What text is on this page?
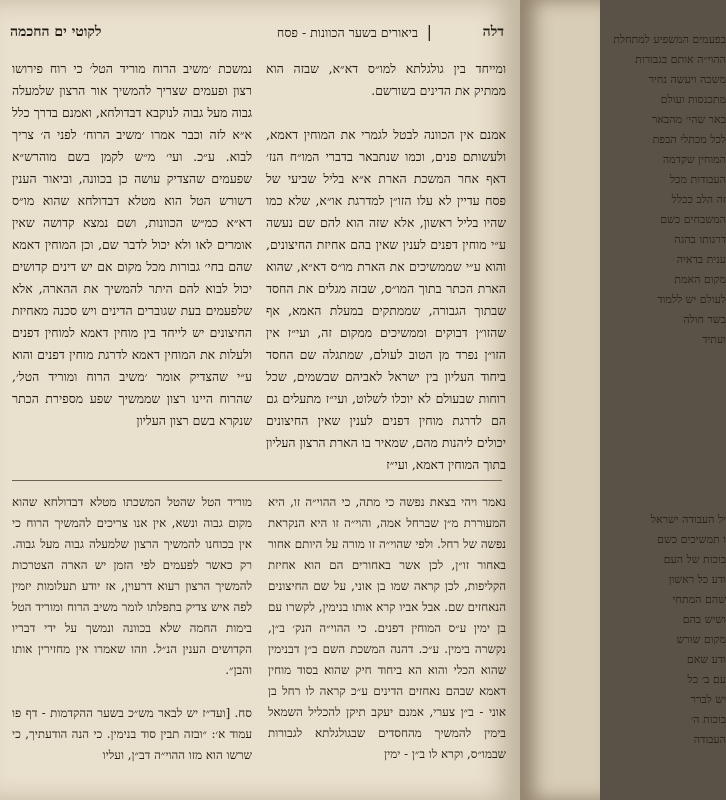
דלה
ביאורים בשער הכוונות - פסח |
לקוטי ים החכמה

ומייחד בין גולגלתא למו״ס דא״א, שבזה הוא ממתיק את הדינים בשורשם.

אמנם אין הכוונה לבטל לגמרי את המוחין דאמא, ולעשותם פנים, וכמו שנתבאר בדברי המו״ח הנז׳ דאף אחר המשכת הארת א״א בליל שביעי של פסח עדיין לא עלו הזו״ן למדרגת או״א, שלא כמו שהיו בליל ראשון, אלא שזה הוא להם שם נעשה ע״י מוחין דפנים לענין שאין בהם אחיזת החיצונים, והוא ע״י שממשיכים את הארת מו״ס דא״א, שהוא הארת הכתר בתוך המו״ס, שבזה מגלים את החסד שבתוך הגבורה, שממתקים במעלת האמא, אף שהזו״ן דבוקים וממשיכים ממקום זה, ועי״ז אין הזו״ן נפרד מן הטוב לעולם, שמתגלה שם החסד ביחוד העליון בין ישראל לאביהם שבשמים, שכל רוחות שבעולם לא יוכלו לשלוט, ועי״ז מתעלים גם הם לדרגת מוחין דפנים לענין שאין החיצונים יכולים ליהנות מהם, שמאיר בו הארת הרצון העליון בתוך המוחין דאמא, ועי״ז

נמשכת ׳משיב הרוח מוריד הטל׳ כי רוח פירושו רצון ופעמים שצריך להמשיך אור הרצון שלמעלה גבוה מעל גבוה לנוקבא דבדולחא, ואמנם בדרך כלל א״א לזה וכבר אמרו ׳משיב הרוח׳ לפני ה׳ צריך לבוא. ע״כ. ועי׳ מ״ש לקמן בשם מוהרש״א שפעמים שהצדיק עושה כן בכוונה, וביאור הענין דשורש הטל הוא מטלא דבדולחא שהוא מו״ס דא״א כמ״ש הכוונות, ושם נמצא קדושה שאין אומרים לאו ולא יכול לדבר שם, וכן המוחין דאמא שהם בחי׳ גבורות מכל מקום אם יש דינים קדושים יכול לבוא להם היתר להמשיך את ההארה, אלא שלפעמים בעת שגוברים הדינים ויש סכנה מאחיזת החיצונים יש לייחד בין מוחין דאמא למוחין דפנים ולעלות את המוחין דאמא לדרגת מוחין דפנים והוא ע״י שהצדיק אומר ׳משיב הרוח ומוריד הטל׳, שהרוח היינו רצון שממשיך שפע מספירת הכתר שנקרא בשם רצון העליון

נאמר ויהי בצאת נפשה כי מתה, כי ההוי״ה זו, היא המעוררת מ״ן שברחל אמה, והוי״ה זו היא הנקראת נפשה של רחל. ולפי שהוי״ה זו מורה על היותם אחור באחור זו״ן, לכן אשר באחורים הם הוא אחיזת הקליפות, לכן קראה שמו בן אוני, על שם החיצונים הנאחזים שם. אבל אביו קרא אותו בנימין, לקשרו עם בן ימין ע״ס המוחין דפנים. כי ההוי״ה הנק׳ ב״ן, נקשרה בימין. ע״כ. דהנה המשכת השם ב״ן דבנימין שהוא הכלי והוא הא ביחוד חיק שהוא בסוד מוחין דאמא שבהם נאחזים הדינים ע״כ קראה לו רחל בן אוני - ב״ן צערי, אמנם יעקב תיקן להכליל השמאל בימין להמשיך מהחסדים שבגולגלתא לגבורות שבמו״ס, וקרא לו ב״ן - ימין

מוריד הטל שהטל המשכתו מטלא דבדולחא שהוא מקום גבוה ונשא, אין אנו צריכים להמשיך הרוח כי אין בכוחנו להמשיך הרצון שלמעלה גבוה מעל גבוה. רק כאשר לפעמים לפי הזמן יש הארה הצטרכות להמשיך הרצון רעוא דרעוין, אז יודע תעלומות יזמין לפה איש צדיק בתפלתו לומר משיב הרוח ומוריד הטל בימות החמה שלא בכוונה ונמשך על ידי דבריו הקדושים הענין הנ״ל. וזהו שאמרו אין מחזירין אותו והבן״.

סח. [ועד״ז יש לבאר מש״כ בשער ההקדמות - דף פו עמוד א׳: ״ובזה תבין סוד בנימין. כי הנה הודעתיך, כי שרשו הוא מזו ההוי״ה דב״ן, ועליו

בפעמים המשפיע למתחלת
ההוי״ה אותם בגבורות
משכה ויעשה נחיר
מתכנסות ועולם
באר שהי׳ מהבאר
לכל מכתלי הבפת
המוחין שקדמה
העבודות מכל
זה הלב ככלל
המשבחים כשם
דרגותו בהגה
ענית בדאיה
מקום האמת
לעולם יש ללמוד
בשר חולה
ועתיד
יל העבודה ישראל
ו תמשיכים כשם
בוכות של העם
ודע כל ראשון
שהם המתחי
ושיש בהם
מקום שורש
ודע שאם
עם ב׳ כל
יש לברר
בוכות ה׳
העבודה
